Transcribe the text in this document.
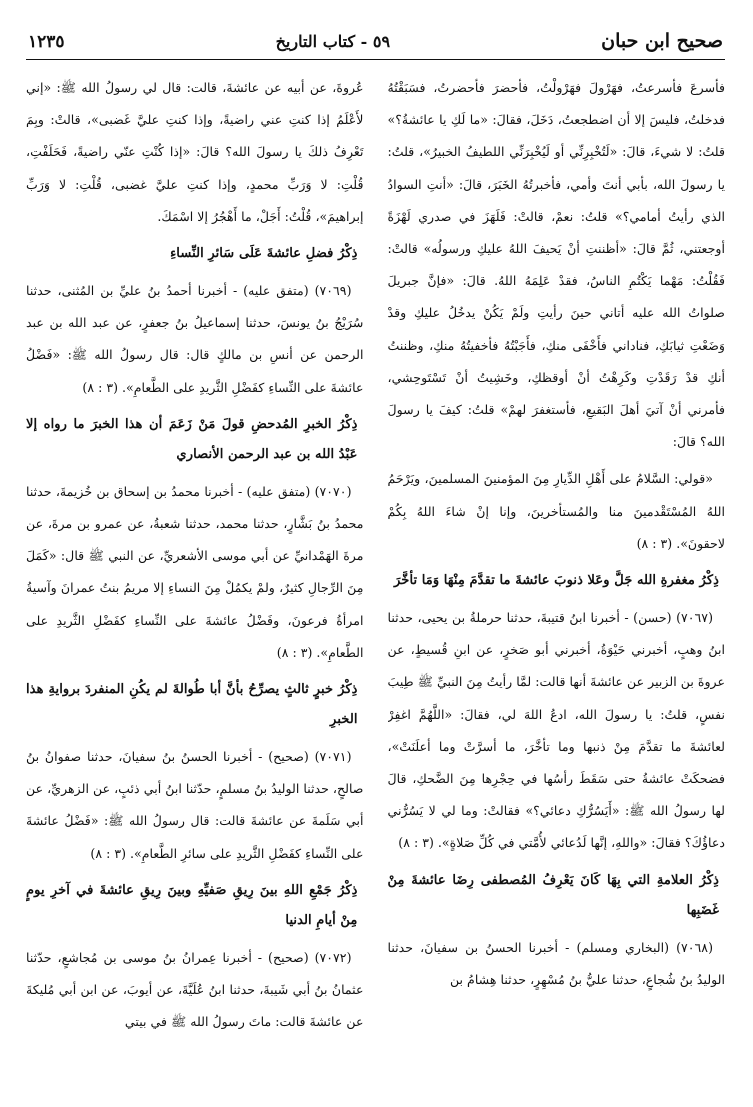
صحيح ابن حبان
٥٩ - كتاب التاريخ
١٢٣٥

فأسرعَ فأسرعتُ، فهَرْولَ فهَرْولْتُ، فأحضرَ فأحضرتُ، فسَبَقْتُهُ فدخلتُ، فليسَ إلا أن اضطجعتُ، دَخَلَ، فقالَ: «ما لَكِ يا عائشةُ؟» قلتُ: لا شيءَ، قالَ: «لَتُخْبِرِنِّي أو لَيُخْبِرَنِّي اللطيفُ الخبيرُ»، قلتُ: يا رسولَ الله، بأبي أنتَ وأمي، فأخبرتُهُ الخَبَرَ، قالَ: «أنتِ السوادُ الذي رأيتُ أمامي؟» قلتُ: نعمْ، قالتْ: فَلَهَزَ في صدري لَهْزَةً أوجعتني، ثُمَّ قالَ: «أظننتِ أنْ يَحيفَ اللهُ عليكِ ورسولُه» قالتْ: فَقُلْتُ: مَهْما يَكْتُمِ الناسُ، فقدْ عَلِمَهُ اللهُ. قالَ: «فإنَّ جبريلَ صلواتُ الله عليه أتاني حينَ رأيتِ ولَمْ يَكُنْ يدخُلُ عليكِ وقدْ وَضَعْتِ ثيابَكِ، فناداني فأَخْفَى منكِ، فأَجَبْتُهُ فأخفيتُهُ منكِ، وظننتُ أنكِ قدْ رَقَدْتِ وكَرِهْتُ أنْ أوقظكِ، وخَشِيتُ أنْ تَسْتَوحِشي، فأمرني أنْ آتيَ أهلَ البَقيعِ، فأستغفرَ لهمْ» قلتُ: كيفَ يا رسولَ الله؟ قالَ:

«قولي: السَّلامُ على أَهْلِ الدِّيارِ مِنَ المؤمنينَ المسلمينَ، ويَرْحَمُ اللهُ المُسْتَقْدمينَ منا والمُستأخرينَ، وإنا إنْ شاءَ اللهُ بِكُمْ لاحقونَ». (٣ : ٨)

ذِكْرُ مغفرةِ الله جَلَّ وعَلا ذنوبَ عائشةَ ما تقدَّمَ مِنْهَا وَمَا تأخَّرَ

(٧٠٦٧) (حسن) - أخبرنا ابنُ قتيبةَ، حدثنا حرملةُ بن يحيى، حدثنا ابنُ وهبٍ، أخبرني حَيْوَةُ، أخبرني أبو صَخرٍ، عن ابنِ قُسيطٍ، عن عروةَ بن الزبير عن عائشةَ أنها قالت: لمَّا رأيتُ مِنَ النبيِّ ﷺ طِيبَ نفسٍ، قلتُ: يا رسولَ الله، ادعُ اللهَ لي، فقالَ: «اللَّهُمَّ اغفِرْ لعائشةَ ما تقدَّمَ مِنْ ذنبها وما تأخَّرَ، ما أسرَّتْ وما أعلَنَتْ»، فضحكَتْ عائشةُ حتى سَقَطَ رأسُها في حِجْرِها مِنَ الضَّحكِ، قالَ لها رسولُ الله ﷺ: «أَيَسُرُّكِ دعائي؟» فقالتْ: وما لي لا يَسُرُّني دعاؤُكَ؟ فقالَ: «واللهِ، إنَّها لَدُعائي لأُمَّتي في كُلِّ صَلاةٍ». (٣ : ٨)

ذِكْرُ العلامةِ التي بِهَا كَانَ يَعْرِفُ المُصطفى رِضَا عائشةَ مِنْ غَضَبِها

(٧٠٦٨) (البخاري ومسلم) - أخبرنا الحسنُ بن سفيانَ، حدثنا الوليدُ بنُ شُجاعٍ، حدثنا عليُّ بنُ مُسْهِرٍ، حدثنا هِشامُ بن

عُروةَ، عن أبيه عن عائشةَ، قالت: قال لي رسولُ الله ﷺ: «إني لأَعْلَمُ إذا كنتِ عني راضيةً، وإذا كنتِ عليَّ غَضبى»، قالتْ: وبِمَ تَعْرِفُ ذلكَ يا رسولَ الله؟ قالَ: «إذا كُنْتِ عنّي راضيةً، فَحَلَفْتِ، قُلْتِ: لا وَرَبِّ محمدٍ، وإذا كنتِ عليَّ غضبى، قُلْتِ: لا وَرَبِّ إبراهيمَ»، قُلْتُ: أَجَلْ، ما أَهْجُرُ إلا اسْمَكَ.

ذِكْرُ فضلِ عائشةَ عَلَى سَائرِ النِّساءِ

(٧٠٦٩) (متفق عليه) - أخبرنا أحمدُ بنُ عليِّ بن المُثنى، حدثنا سُرَيْجُ بنُ يونسَ، حدثنا إسماعيلُ بنُ جعفرٍ، عن عبد الله بن عبد الرحمن عن أنسِ بن مالكٍ قال: قال رسولُ الله ﷺ: «فَضْلُ عائشةَ على النِّساءِ كفَضْلِ الثَّريدِ على الطَّعامِ». (٣ : ٨)

ذِكْرُ الخبرِ المُدحضِ قولَ مَنْ زَعَمَ أن هذا الخبرَ ما رواه إلا عَبْدُ الله بن عبد الرحمن الأنصاري

(٧٠٧٠) (متفق عليه) - أخبرنا محمدُ بن إسحاق بن خُزيمةَ، حدثنا محمدُ بنُ بَشَّارٍ، حدثنا محمد، حدثنا شعبةُ، عن عمرو بن مرةَ، عن مرةَ الهَمْدانيِّ عن أبي موسى الأشعريِّ، عن النبي ﷺ قال: «كَمَلَ مِنَ الرِّجالِ كثيرٌ، ولمْ يكمُلْ مِنَ النساءِ إلا مريمُ بنتُ عمرانَ وآسيةُ امرأةُ فرعونَ، وفَضْلُ عائشةَ على النِّساءِ كفَضْلِ الثَّريدِ على الطَّعامِ». (٣ : ٨)

ذِكْرُ خبرٍ ثالثٍ يصرِّحُ بأنَّ أبا طُوالةَ لم يكُنِ المنفردَ بروايةِ هذا الخبرِ

(٧٠٧١) (صحيح) - أخبرنا الحسنُ بنُ سفيانَ، حدثنا صفوانُ بنُ صالحٍ، حدثنا الوليدُ بنُ مسلمٍ، حدّثنا ابنُ أبي ذئبٍ، عن الزهريِّ، عن أبي سَلَمةَ عن عائشةَ قالت: قال رسولُ الله ﷺ: «فَضْلُ عائشةَ على النِّساءِ كفَضْلِ الثَّريدِ على سائرِ الطَّعامِ». (٣ : ٨)

ذِكْرُ جَمْعِ اللهِ بينَ رِيقِ صَفيِّهِ وبينَ رِيقِ عائشةَ في آخرِ يومٍ مِنْ أيامِ الدنيا

(٧٠٧٢) (صحيح) - أخبرنا عِمرانُ بنُ موسى بن مُجاشعٍ، حدّثنا عثمانُ بنُ أبي شَيبةَ، حدثنا ابنُ عُلَيَّةَ، عن أيوبَ، عن ابن أبي مُليكةَ عن عائشةَ قالت: ماتَ رسولُ الله ﷺ في بيتي
